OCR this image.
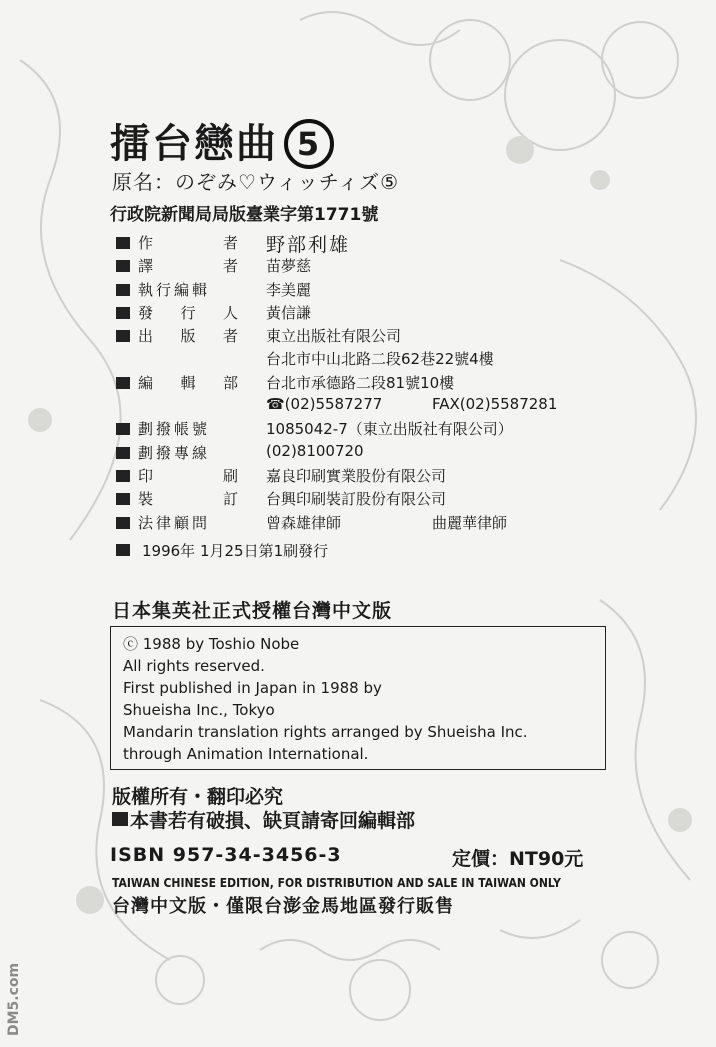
擂台戀曲 5
原名：のぞみ♡ウィッチィズ⑤
行政院新聞局局版臺業字第1771號
作	者 野部利雄
譯	者 苗夢慈
執行編輯	李美麗
發 行 人 黃信謙
出 版 者 東立出版社有限公司
台北市中山北路二段62巷22號4樓
編 輯 部 台北市承德路二段81號10樓
☎(02)5587277	FAX(02)5587281
劃撥帳號	1085042-7（東立出版社有限公司）
劃撥專線	(02)8100720
印	刷 嘉良印刷實業股份有限公司
裝	訂 台興印刷裝訂股份有限公司
法律顧問	曾森雄律師	曲麗華律師
1996年 1月25日第1刷發行
日本集英社正式授權台灣中文版
ⓒ 1988 by Toshio Nobe
All rights reserved.
First published in Japan in 1988 by
Shueisha Inc., Tokyo
Mandarin translation rights arranged by Shueisha Inc.
through Animation International.
版權所有・翻印必究
本書若有破損、缺頁請寄回編輯部
ISBN 957-34-3456-3	定價：NT90元
TAIWAN CHINESE EDITION, FOR DISTRIBUTION AND SALE IN TAIWAN ONLY
台灣中文版・僅限台澎金馬地區發行販售
DM5.com
